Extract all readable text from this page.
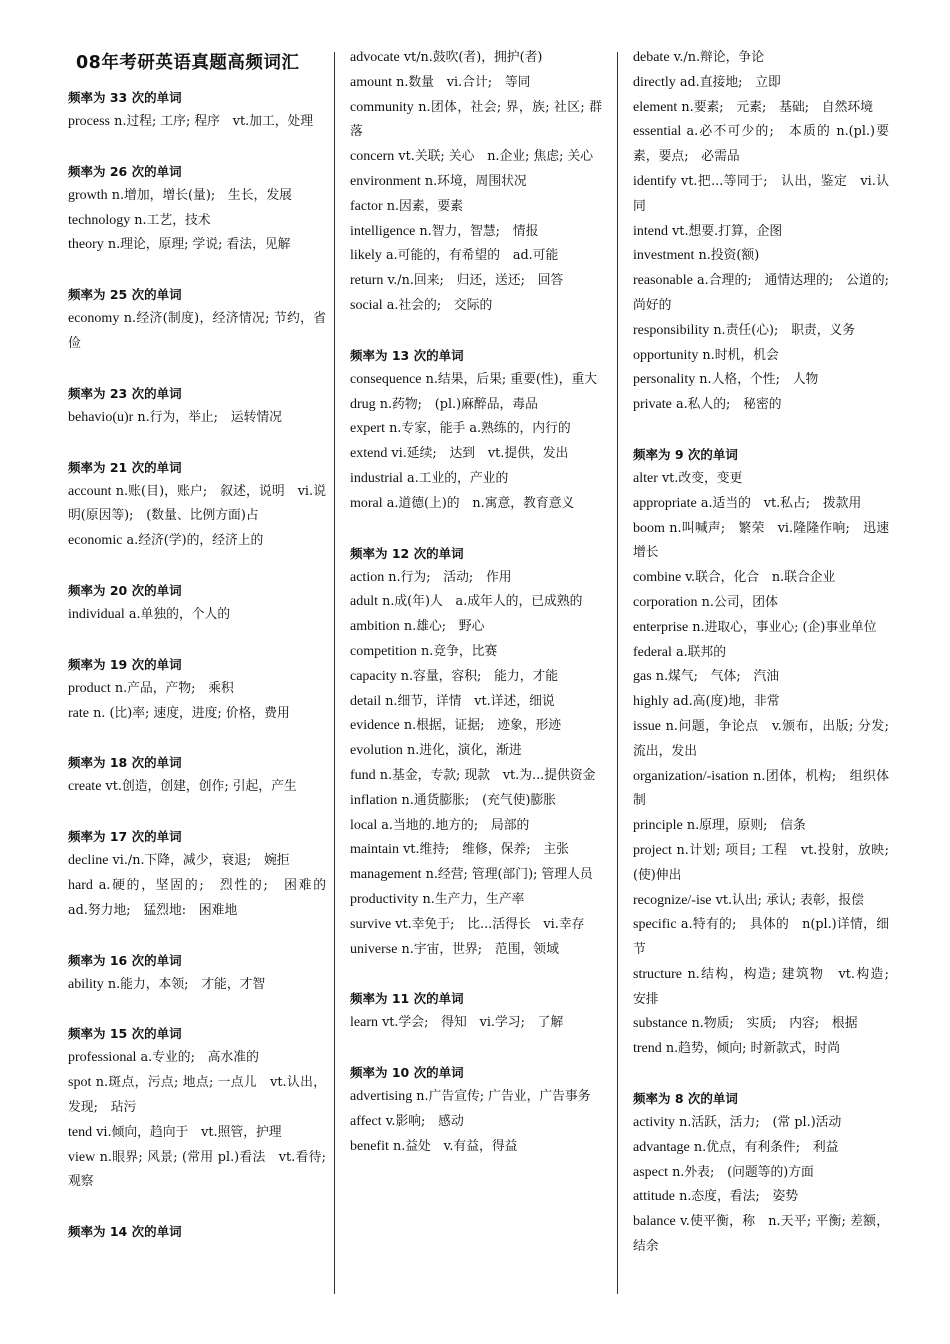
08年考研英语真题高频词汇
频率为 33 次的单词
process n.过程; 工序; 程序　vt.加工，处理
频率为 26 次的单词
growth n.增加，增长(量);　生长，发展
technology n.工艺，技术
theory n.理论，原理; 学说; 看法，见解
频率为 25 次的单词
economy n.经济(制度)，经济情况; 节约，省俭
频率为 23 次的单词
behavio(u)r n.行为，举止;　运转情况
频率为 21 次的单词
account n.账(目)，账户;　叙述，说明　vi.说明(原因等);　(数量、比例方面)占
economic a.经济(学)的，经济上的
频率为 20 次的单词
individual a.单独的，个人的
频率为 19 次的单词
product n.产品，产物;　乘积
rate n. (比)率; 速度，进度; 价格，费用
频率为 18 次的单词
create vt.创造，创建，创作; 引起，产生
频率为 17 次的单词
decline vi./n.下降，减少，衰退;　婉拒
hard a.硬的，坚固的;　烈性的;　困难的　ad.努力地;　猛烈地:　困难地
频率为 16 次的单词
ability n.能力，本领;　才能，才智
频率为 15 次的单词
professional a.专业的;　高水准的
spot n.斑点，污点; 地点; 一点儿　vt.认出，发现;　玷污
tend vi.倾向，趋向于　vt.照管，护理
view n.眼界; 风景; (常用 pl.)看法　vt.看待;　观察
频率为 14 次的单词
advocate vt/n.鼓吹(者)，拥护(者)
amount n.数量　vi.合计;　等同
community n.团体，社会; 界，族; 社区; 群落
concern vt.关联; 关心　n.企业; 焦虑; 关心
environment n.环境，周围状况
factor n.因素，要素
intelligence n.智力，智慧;　情报
likely a.可能的，有希望的　ad.可能
return v./n.回来;　归还，送还;　回答
social a.社会的;　交际的
频率为 13 次的单词
consequence n.结果，后果; 重要(性)，重大
drug n.药物;　(pl.)麻醉品，毒品
expert n.专家，能手 a.熟练的，内行的
extend vi.延续;　达到　vt.提供，发出
industrial a.工业的，产业的
moral a.道德(上)的　n.寓意，教育意义
频率为 12 次的单词
action n.行为;　活动;　作用
adult n.成(年)人　a.成年人的，已成熟的
ambition n.雄心;　野心
competition n.竞争，比赛
capacity n.容量，容积;　能力，才能
detail n.细节，详情　vt.详述，细说
evidence n.根据，证据;　迹象，形迹
evolution n.进化，演化，渐进
fund n.基金，专款; 现款　vt.为...提供资金
inflation n.通货膨胀;　(充气使)膨胀
local a.当地的.地方的;　局部的
maintain vt.维持;　维修，保养;　主张
management n.经营; 管理(部门); 管理人员
productivity n.生产力，生产率
survive vt.幸免于;　比...活得长　vi.幸存
universe n.宇宙，世界;　范围，领域
频率为 11 次的单词
learn vt.学会;　得知　vi.学习;　了解
频率为 10 次的单词
advertising n.广告宣传; 广告业，广告事务
affect v.影响;　感动
benefit n.益处　v.有益，得益
debate v./n.辩论，争论
directly ad.直接地;　立即
element n.要素;　元素;　基础;　自然环境
essential a.必不可少的;　本质的 n.(pl.)要素，要点;　必需品
identify vt.把...等同于;　认出，鉴定　vi.认同
intend vt.想要.打算，企图
investment n.投资(额)
reasonable a.合理的;　通情达理的;　公道的;　尚好的
responsibility n.责任(心);　职责，义务
opportunity n.时机，机会
personality n.人格，个性;　人物
private a.私人的;　秘密的
频率为 9 次的单词
alter vt.改变，变更
appropriate a.适当的　vt.私占;　拨款用
boom n.叫喊声;　繁荣　vi.隆隆作响;　迅速增长
combine v.联合，化合　n.联合企业
corporation n.公司，团体
enterprise n.进取心，事业心; (企)事业单位
federal a.联邦的
gas n.煤气;　气体;　汽油
highly ad.高(度)地，非常
issue n.问题，争论点　v.颁布，出版; 分发;　流出，发出
organization/-isation n.团体，机构;　组织体制
principle n.原理，原则;　信条
project n.计划; 项目; 工程　vt.投射，放映;　(使)伸出
recognize/-ise vt.认出; 承认; 表彰，报偿
specific a.特有的;　具体的　n(pl.)详情，细节
structure n.结构，构造; 建筑物　vt.构造;　安排
substance n.物质;　实质;　内容;　根据
trend n.趋势，倾向; 时新款式，时尚
频率为 8 次的单词
activity n.活跃，活力;　(常 pl.)活动
advantage n.优点，有利条件;　利益
aspect n.外表;　(问题等的)方面
attitude n.态度，看法;　姿势
balance v.使平衡，称　n.天平; 平衡; 差额，结余
